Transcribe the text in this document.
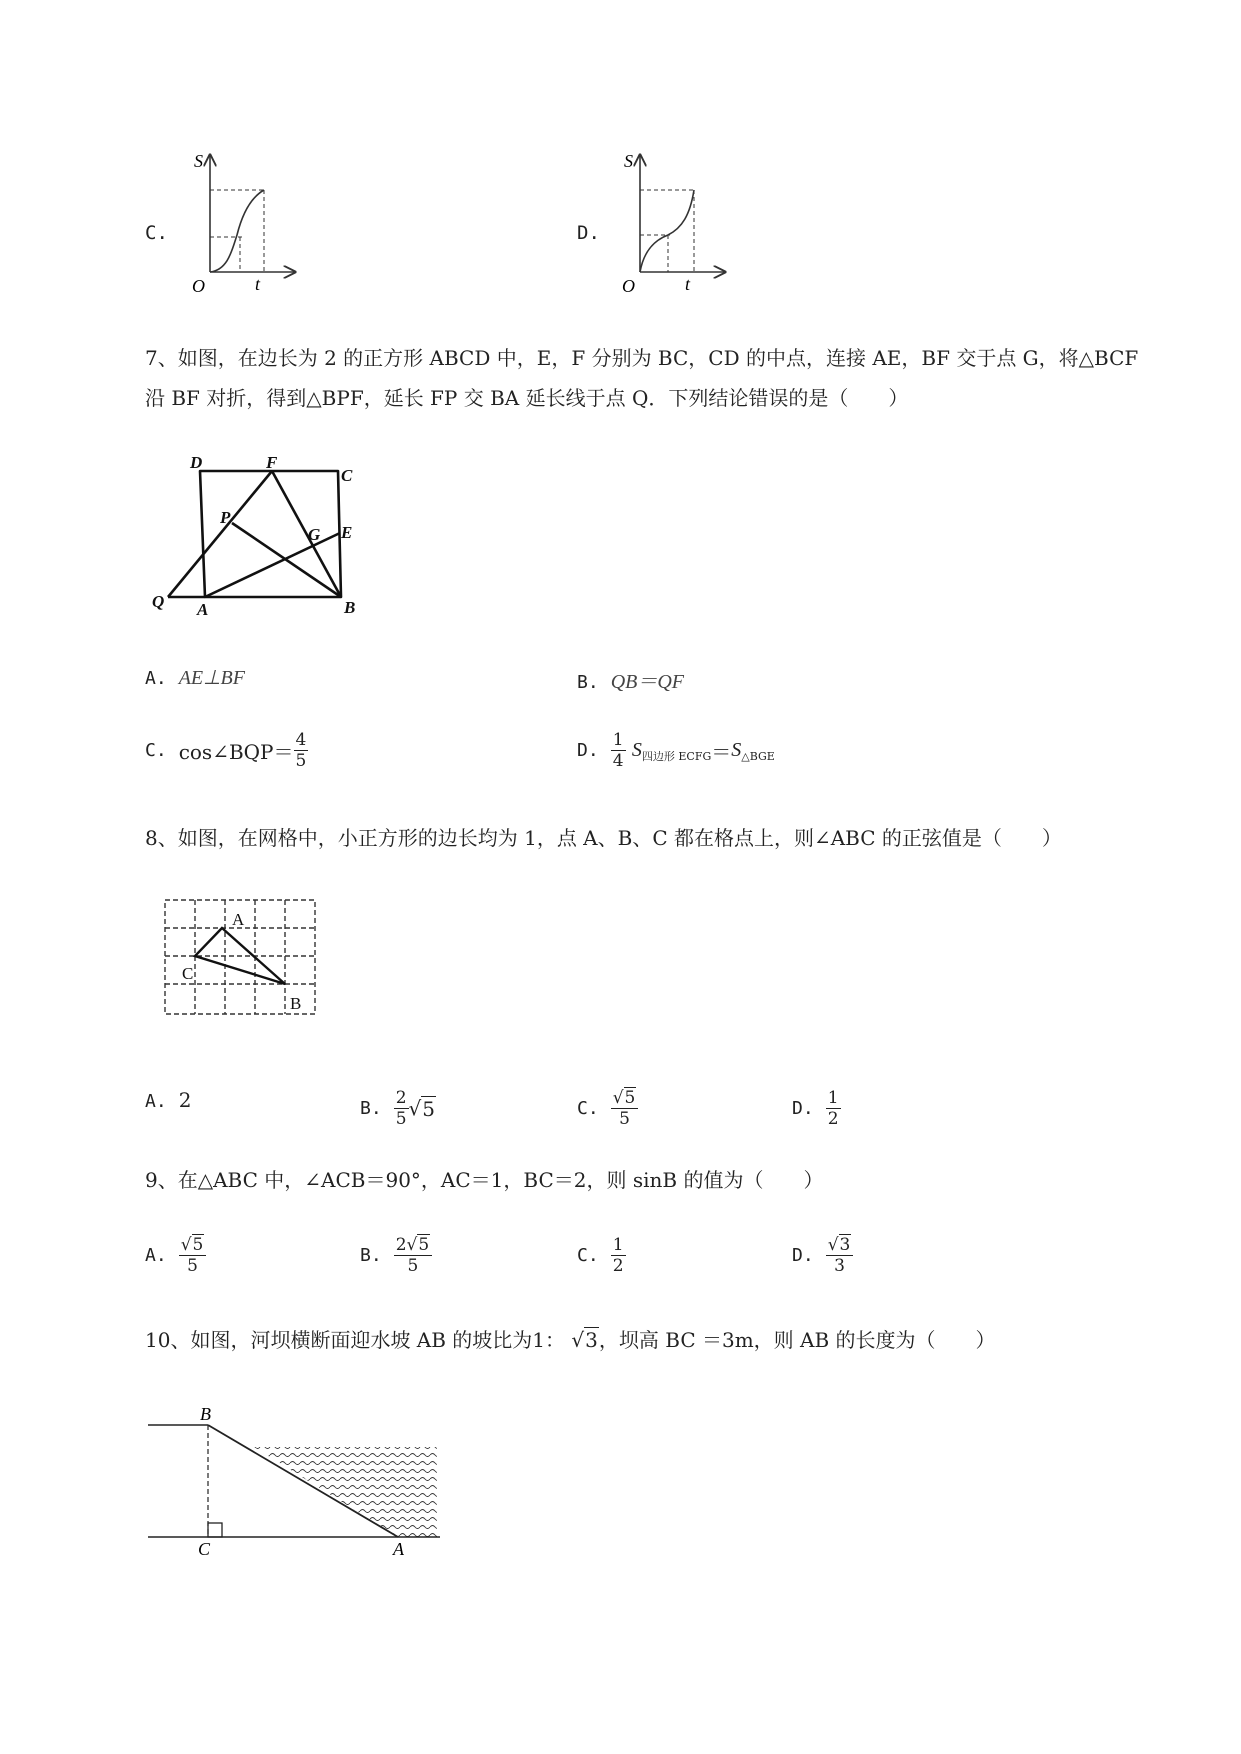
C.
S
t
O
D.
S
t
O
7、如图，在边长为 2 的正方形 ABCD 中，E，F 分别为 BC，CD 的中点，连接 AE，BF 交于点 G，将△BCF
沿 BF 对折，得到△BPF，延长 FP 交 BA 延长线于点 Q．下列结论错误的是（　　）
D	F
C
P
G E
Q A	B
A. AE⊥BF	B. QB＝QF
C. cos∠BQP＝ $\frac{4}{5}$	D. $\frac{1}{4} S_{四边形 ECFG}=S_{\triangle BGE}$
8、如图，在网格中，小正方形的边长均为 1，点 A、B、C 都在格点上，则∠ABC 的正弦值是（　　）
A
C
B
A. 2	B. $\frac{2}{5} √5$	C. $\frac{√5}{5}$	D. $\frac{1}{2}$
9、在△ABC 中，∠ACB＝90°，AC＝1，BC＝2，则 sinB 的值为（　　）
A. $\frac{√5}{5}$	B. $\frac{2√5}{5}$	C. $\frac{1}{2}$	D. $\frac{√3}{3}$
10、如图，河坝横断面迎水坡 AB 的坡比为1： √3，坝高 BC ＝3m，则 AB 的长度为（　　）
B
C	A
